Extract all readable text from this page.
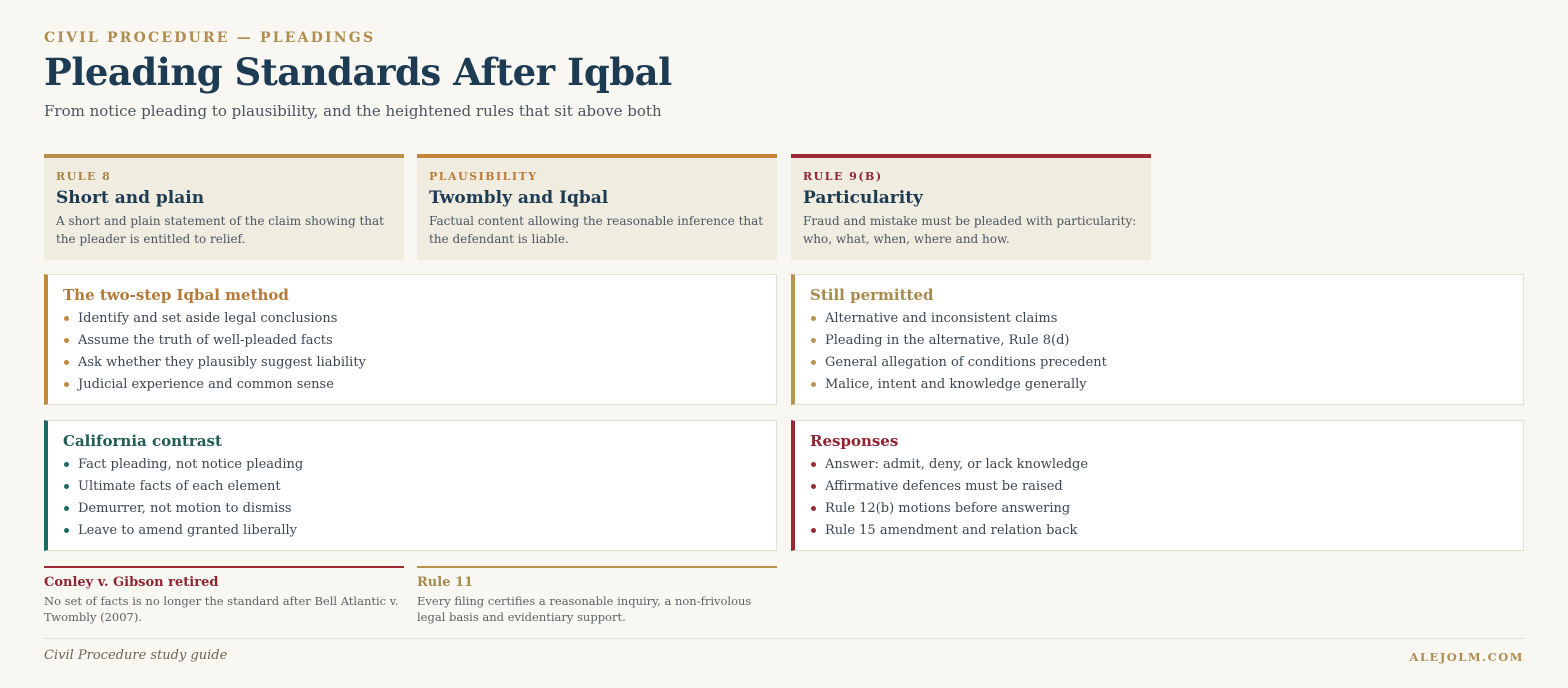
CIVIL PROCEDURE — PLEADINGS
Pleading Standards After Iqbal

From notice pleading to plausibility, and the heightened rules that sit above both

RULE 8
Short and plain
A short and plain statement of the claim showing that the pleader is entitled to relief.
PLAUSIBILITY
Twombly and Iqbal
Factual content allowing the reasonable inference that the defendant is liable.
RULE 9(B)
Particularity
Fraud and mistake must be pleaded with particularity: who, what, when, where and how.
The two-step Iqbal method
Identify and set aside legal conclusions
Assume the truth of well-pleaded facts
Ask whether they plausibly suggest liability
Judicial experience and common sense
Still permitted
Alternative and inconsistent claims
Pleading in the alternative, Rule 8(d)
General allegation of conditions precedent
Malice, intent and knowledge generally
California contrast
Fact pleading, not notice pleading
Ultimate facts of each element
Demurrer, not motion to dismiss
Leave to amend granted liberally
Responses
Answer: admit, deny, or lack knowledge
Affirmative defences must be raised
Rule 12(b) motions before answering
Rule 15 amendment and relation back
Conley v. Gibson retired
No set of facts is no longer the standard after Bell Atlantic v. Twombly (2007).
Rule 11
Every filing certifies a reasonable inquiry, a non-frivolous legal basis and evidentiary support.
Civil Procedure study guide	ALEJOLM.COM
